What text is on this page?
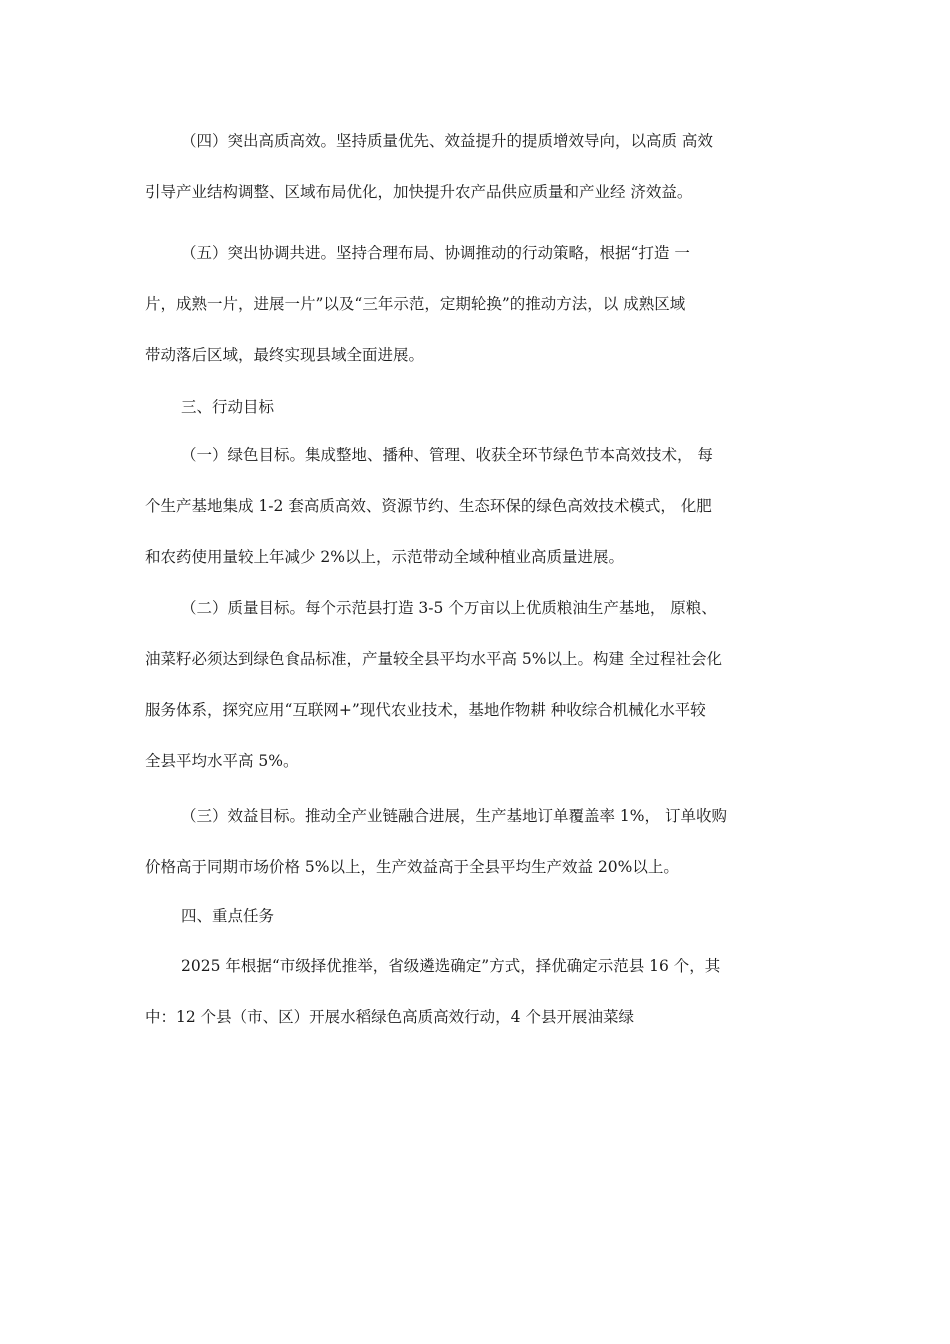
（四）突出高质高效。坚持质量优先、效益提升的提质增效导向，以高质 高效
引导产业结构调整、区域布局优化，加快提升农产品供应质量和产业经 济效益。
（五）突出协调共进。坚持合理布局、协调推动的行动策略，根据“打造 一
片，成熟一片，进展一片”以及“三年示范，定期轮换”的推动方法，以 成熟区域
带动落后区域，最终实现县域全面进展。
三、行动目标
（一）绿色目标。集成整地、播种、管理、收获全环节绿色节本高效技术， 每
个生产基地集成 1-2 套高质高效、资源节约、生态环保的绿色高效技术模式， 化肥
和农药使用量较上年减少 2%以上，示范带动全域种植业高质量进展。
（二）质量目标。每个示范县打造 3-5 个万亩以上优质粮油生产基地， 原粮、
油菜籽必须达到绿色食品标准，产量较全县平均水平高 5%以上。构建 全过程社会化
服务体系，探究应用“互联网+”现代农业技术，基地作物耕 种收综合机械化水平较
全县平均水平高 5%。
（三）效益目标。推动全产业链融合进展，生产基地订单覆盖率 1%， 订单收购
价格高于同期市场价格 5%以上，生产效益高于全县平均生产效益 20%以上。
四、重点任务
2025 年根据“市级择优推举，省级遴选确定”方式，择优确定示范县 16 个，其
中：12 个县（市、区）开展水稻绿色高质高效行动，4 个县开展油菜绿
